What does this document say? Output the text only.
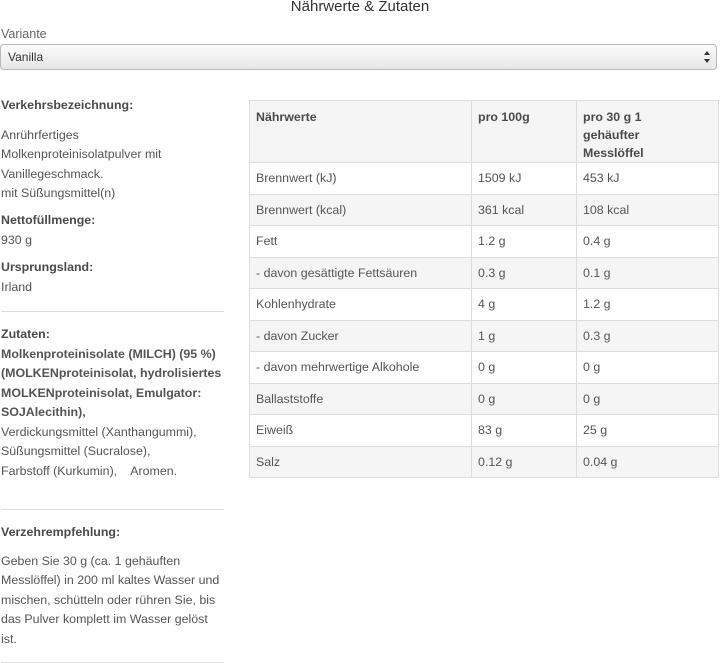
Nährwerte & Zutaten
Variante
Vanilla
Verkehrsbezeichnung:
Anrührfertiges
Molkenproteinisolatpulver mit
Vanillegeschmack.
mit Süßungsmittel(n)
Nettofüllmenge:
930 g
Ursprungsland:
Irland
Zutaten:
Molkenproteinisolate (MILCH) (95 %)
(MOLKENproteinisolat, hydrolisiertes
MOLKENproteinisolat, Emulgator:
SOJAlecithin),
Verdickungsmittel (Xanthangummi),
Süßungsmittel (Sucralose),
Farbstoff (Kurkumin),    Aromen.
Verzehrempfehlung:
Geben Sie 30 g (ca. 1 gehäuften
Messlöffel) in 200 ml kaltes Wasser und
mischen, schütteln oder rühren Sie, bis
das Pulver komplett im Wasser gelöst
ist.
Nährwerte	pro 100g	pro 30 g 1
gehäufter
Messlöffel
Brennwert (kJ)	1509 kJ	453 kJ
Brennwert (kcal)	361 kcal	108 kcal
Fett	1.2 g	0.4 g
- davon gesättigte Fettsäuren	0.3 g	0.1 g
Kohlenhydrate	4 g	1.2 g
- davon Zucker	1 g	0.3 g
- davon mehrwertige Alkohole	0 g	0 g
Ballaststoffe	0 g	0 g
Eiweiß	83 g	25 g
Salz	0.12 g	0.04 g
